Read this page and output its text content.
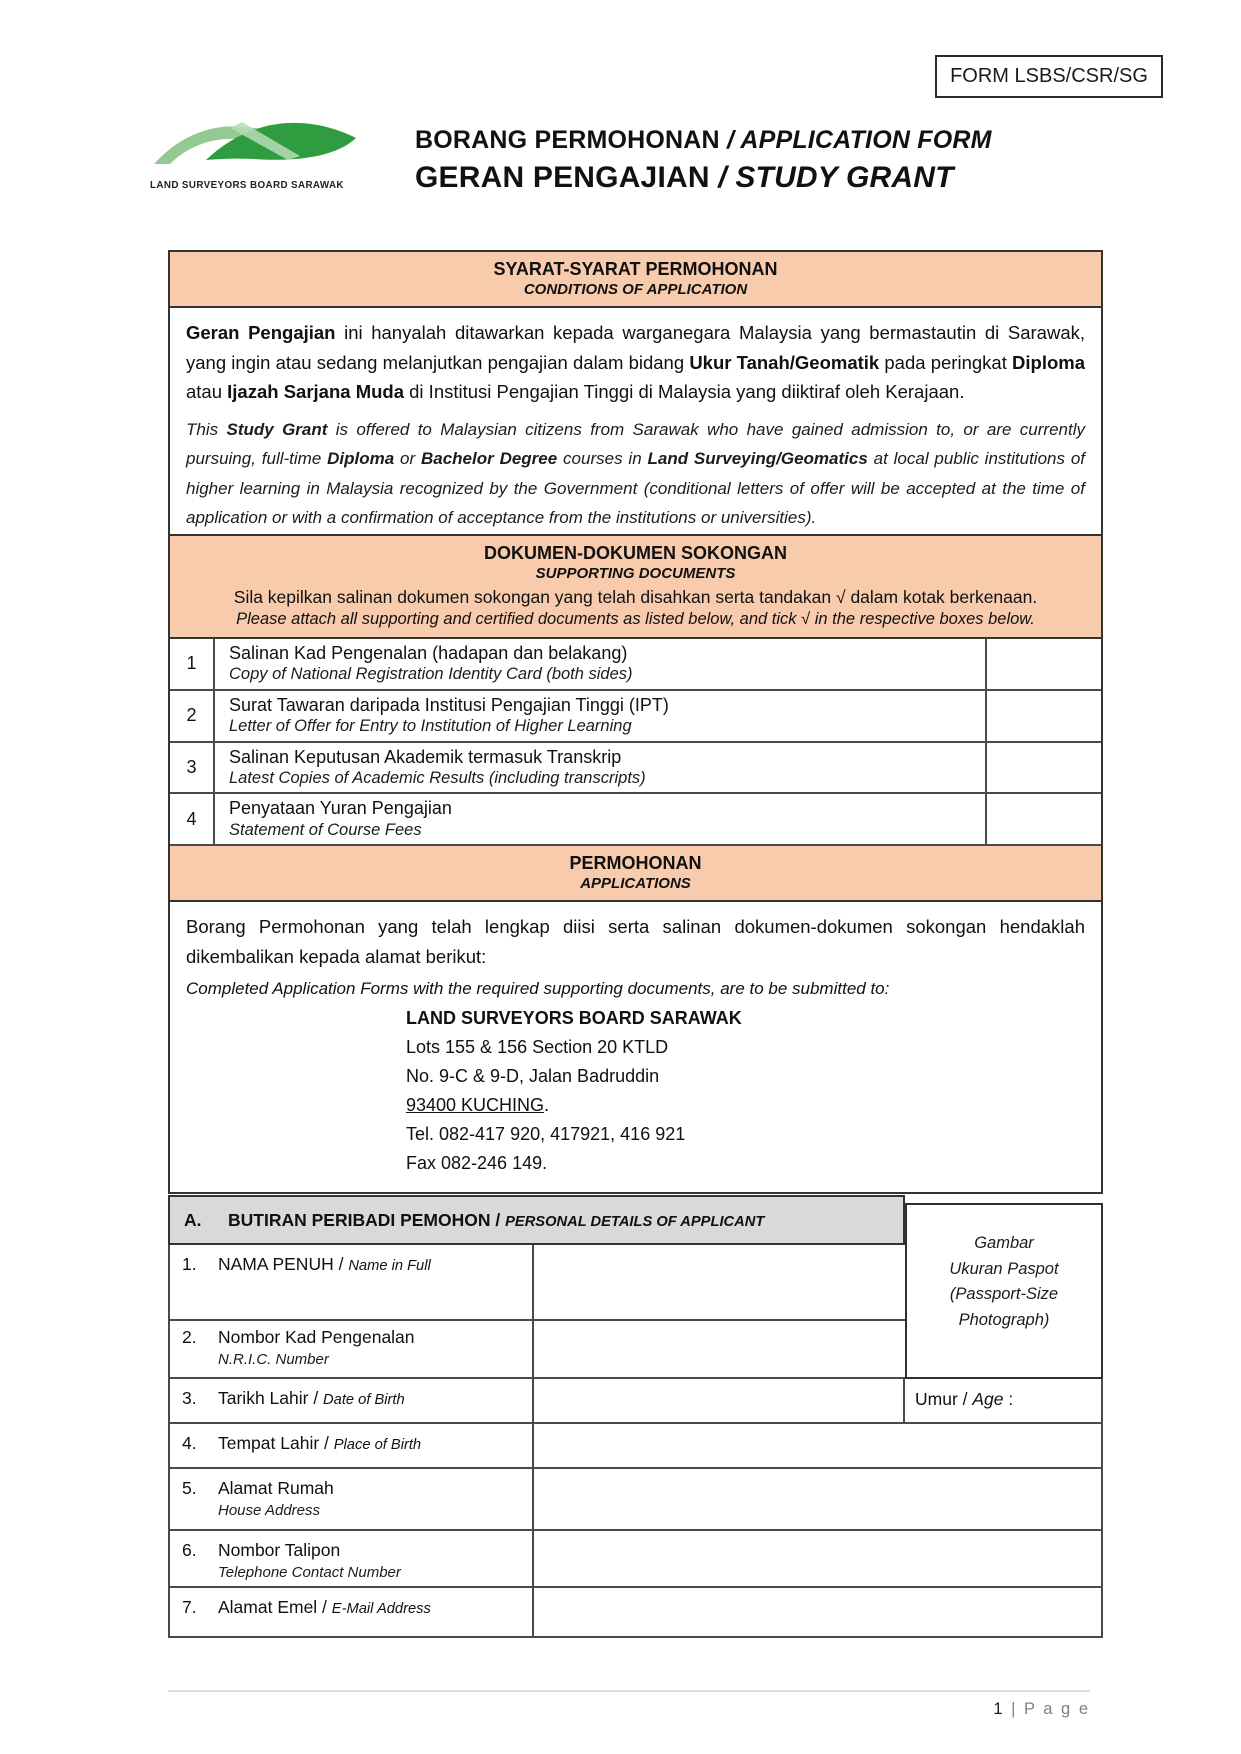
FORM LSBS/CSR/SG
LAND SURVEYORS BOARD SARAWAK
BORANG PERMOHONAN / APPLICATION FORM
GERAN PENGAJIAN / STUDY GRANT
SYARAT-SYARAT PERMOHONAN
CONDITIONS OF APPLICATION
Geran Pengajian ini hanyalah ditawarkan kepada warganegara Malaysia yang bermastautin di Sarawak, yang ingin atau sedang melanjutkan pengajian dalam bidang Ukur Tanah/Geomatik pada peringkat Diploma atau Ijazah Sarjana Muda di Institusi Pengajian Tinggi di Malaysia yang diiktiraf oleh Kerajaan.
This Study Grant is offered to Malaysian citizens from Sarawak who have gained admission to, or are currently pursuing, full-time Diploma or Bachelor Degree courses in Land Surveying/Geomatics at local public institutions of higher learning in Malaysia recognized by the Government (conditional letters of offer will be accepted at the time of application or with a confirmation of acceptance from the institutions or universities).
DOKUMEN-DOKUMEN SOKONGAN
SUPPORTING DOCUMENTS
Sila kepilkan salinan dokumen sokongan yang telah disahkan serta tandakan √ dalam kotak berkenaan.
Please attach all supporting and certified documents as listed below, and tick √ in the respective boxes below.
1
Salinan Kad Pengenalan (hadapan dan belakang)
Copy of National Registration Identity Card (both sides)
2
Surat Tawaran daripada Institusi Pengajian Tinggi (IPT)
Letter of Offer for Entry to Institution of Higher Learning
3
Salinan Keputusan Akademik termasuk Transkrip
Latest Copies of Academic Results (including transcripts)
4
Penyataan Yuran Pengajian
Statement of Course Fees
PERMOHONAN
APPLICATIONS
Borang Permohonan yang telah lengkap diisi serta salinan dokumen-dokumen sokongan hendaklah dikembalikan kepada alamat berikut:
Completed Application Forms with the required supporting documents, are to be submitted to:
LAND SURVEYORS BOARD SARAWAK
Lots 155 & 156 Section 20 KTLD
No. 9-C & 9-D, Jalan Badruddin
93400 KUCHING.
Tel. 082-417 920, 417921, 416 921
Fax 082-246 149.
A.	BUTIRAN PERIBADI PEMOHON / PERSONAL DETAILS OF APPLICANT
Gambar
Ukuran Paspot
(Passport-Size
Photograph)
1.	NAMA PENUH / Name in Full
2.	Nombor Kad Pengenalan
N.R.I.C. Number
3.	Tarikh Lahir / Date of Birth	Umur / Age :
4.	Tempat Lahir / Place of Birth
5.	Alamat Rumah
House Address
6.	Nombor Talipon
Telephone Contact Number
7.	Alamat Emel / E-Mail Address
1 | P a g e
